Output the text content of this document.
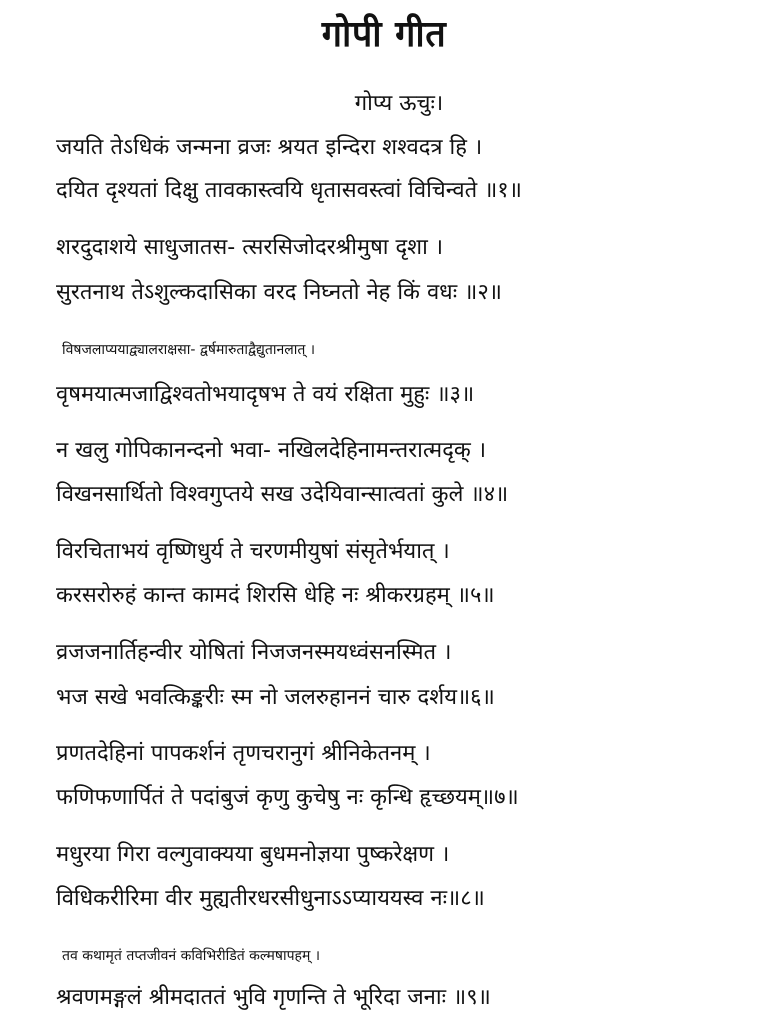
गोपी गीत
गोप्य ऊचुः।
जयति तेऽधिकं जन्मना व्रजः श्रयत इन्दिरा शश्वदत्र हि ।
दयित दृश्यतां दिक्षु तावकास्त्वयि धृतासवस्त्वां विचिन्वते ॥१॥
शरदुदाशये साधुजातस- त्सरसिजोदरश्रीमुषा दृशा ।
सुरतनाथ तेऽशुल्कदासिका वरद निघ्नतो नेह किं वधः ॥२॥
विषजलाप्ययाद्व्यालराक्षसा- द्वर्षमारुताद्वैद्युतानलात् ।
वृषमयात्मजाद्विश्वतोभयादृषभ ते वयं रक्षिता मुहुः ॥३॥
न खलु गोपिकानन्दनो भवा- नखिलदेहिनामन्तरात्मदृक् ।
विखनसार्थितो विश्वगुप्तये सख उदेयिवान्सात्वतां कुले ॥४॥
विरचिताभयं वृष्णिधुर्य ते चरणमीयुषां संसृतेर्भयात् ।
करसरोरुहं कान्त कामदं शिरसि धेहि नः श्रीकरग्रहम् ॥५॥
व्रजजनार्तिहन्वीर योषितां निजजनस्मयध्वंसनस्मित ।
भज सखे भवत्किङ्करीः स्म नो जलरुहाननं चारु दर्शय॥६॥
प्रणतदेहिनां पापकर्शनं तृणचरानुगं श्रीनिकेतनम् ।
फणिफणार्पितं ते पदांबुजं कृणु कुचेषु नः कृन्धि हृच्छयम्॥७॥
मधुरया गिरा वल्गुवाक्यया बुधमनोज्ञया पुष्करेक्षण ।
विधिकरीरिमा वीर मुह्यतीरधरसीधुनाऽऽप्याययस्व नः॥८॥
तव कथामृतं तप्तजीवनं कविभिरीडितं कल्मषापहम् ।
श्रवणमङ्गलं श्रीमदाततं भुवि गृणन्ति ते भूरिदा जनाः ॥९॥
